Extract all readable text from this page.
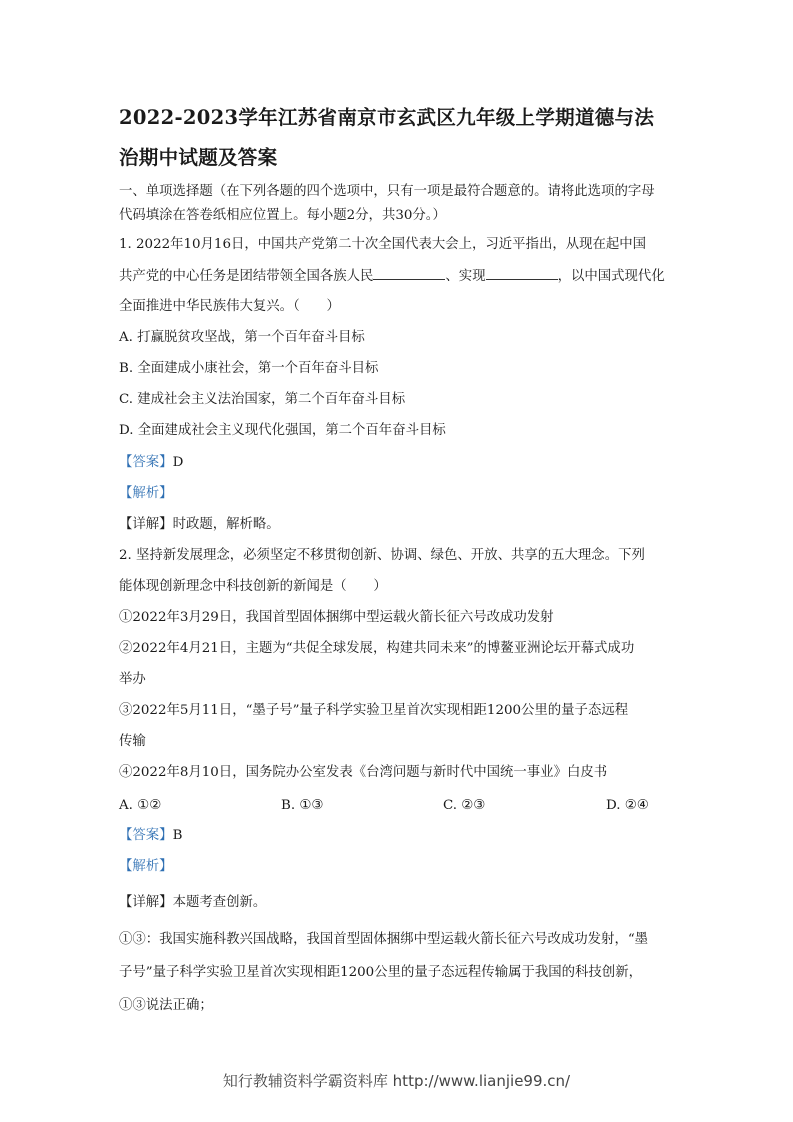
2022-2023学年江苏省南京市玄武区九年级上学期道德与法
治期中试题及答案
一、单项选择题（在下列各题的四个选项中，只有一项是最符合题意的。请将此选项的字母
代码填涂在答卷纸相应位置上。每小题2分，共30分。）
1. 2022年10月16日，中国共产党第二十次全国代表大会上，习近平指出，从现在起中国
共产党的中心任务是团结带领全国各族人民	、实现	，以中国式现代化
全面推进中华民族伟大复兴。（　　）
A. 打赢脱贫攻坚战，第一个百年奋斗目标
B. 全面建成小康社会，第一个百年奋斗目标
C. 建成社会主义法治国家，第二个百年奋斗目标
D. 全面建成社会主义现代化强国，第二个百年奋斗目标
【答案】D
【解析】
【详解】时政题，解析略。
2. 坚持新发展理念，必须坚定不移贯彻创新、协调、绿色、开放、共享的五大理念。下列
能体现创新理念中科技创新的新闻是（　　）
①2022年3月29日，我国首型固体捆绑中型运载火箭长征六号改成功发射
②2022年4月21日，主题为“共促全球发展，构建共同未来”的博鳌亚洲论坛开幕式成功
举办
③2022年5月11日，“墨子号”量子科学实验卫星首次实现相距1200公里的量子态远程
传输
④2022年8月10日，国务院办公室发表《台湾问题与新时代中国统一事业》白皮书
A. ①②	B. ①③	C. ②③	D. ②④
【答案】B
【解析】
【详解】本题考查创新。
①③：我国实施科教兴国战略，我国首型固体捆绑中型运载火箭长征六号改成功发射，“墨
子号”量子科学实验卫星首次实现相距1200公里的量子态远程传输属于我国的科技创新，
①③说法正确；
知行教辅资料学霸资料库 http://www.lianjie99.cn/
